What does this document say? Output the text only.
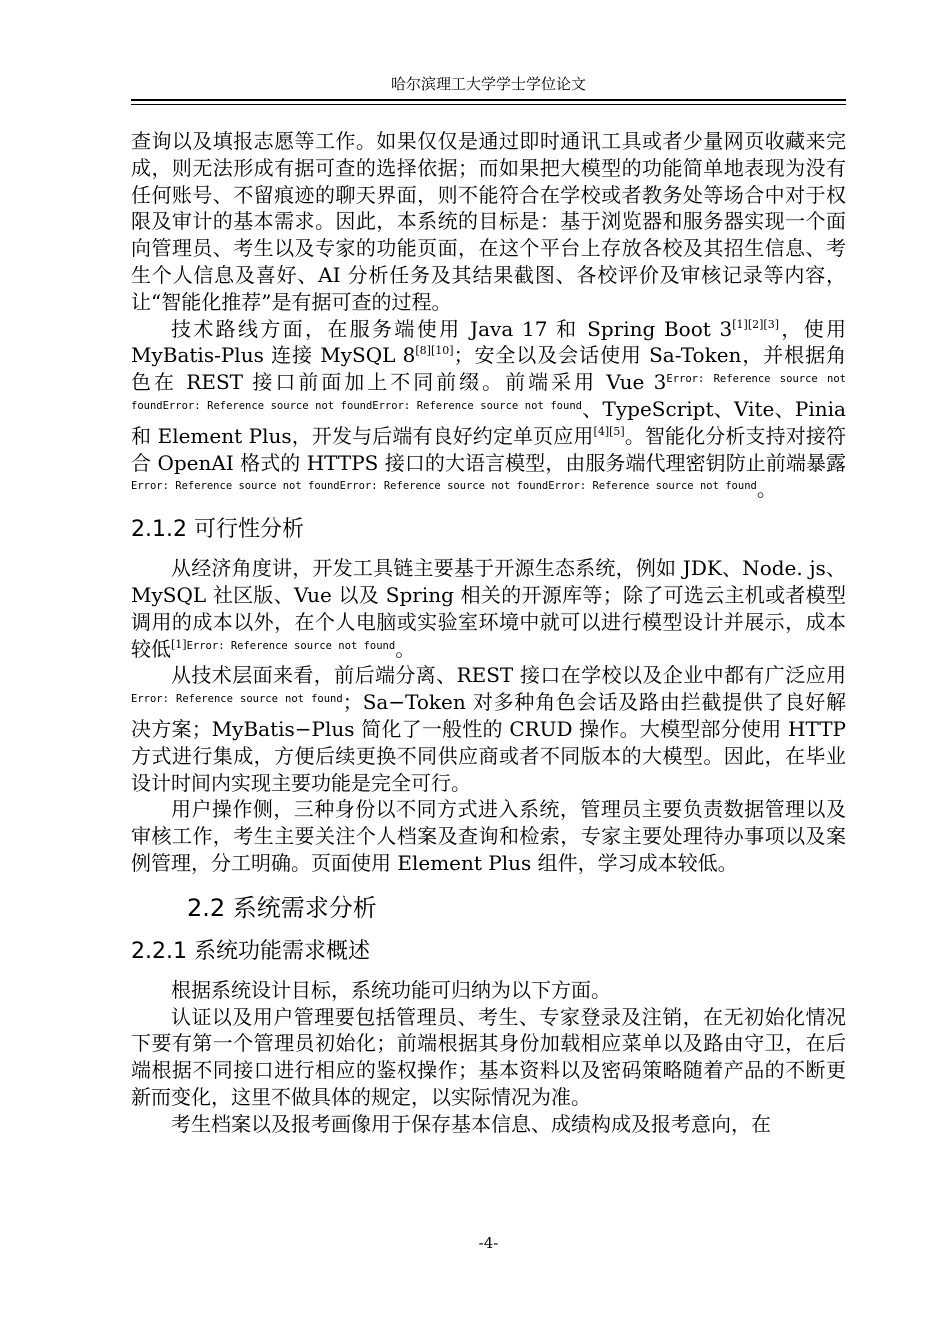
哈尔滨理工大学学士学位论文

查询以及填报志愿等工作。如果仅仅是通过即时通讯工具或者少量网页收藏来完成，则无法形成有据可查的选择依据；而如果把大模型的功能简单地表现为没有任何账号、不留痕迹的聊天界面，则不能符合在学校或者教务处等场合中对于权限及审计的基本需求。因此，本系统的目标是：基于浏览器和服务器实现一个面向管理员、考生以及专家的功能页面，在这个平台上存放各校及其招生信息、考生个人信息及喜好、AI 分析任务及其结果截图、各校评价及审核记录等内容，让“智能化推荐”是有据可查的过程。

技术路线方面，在服务端使用 Java 17 和 Spring Boot 3[1][2][3]，使用 MyBatis-Plus 连接 MySQL 8[8][10]；安全以及会话使用 Sa-Token，并根据角色在 REST 接口前面加上不同前缀。前端采用 Vue $3^{Error: Reference source not foundError: Reference source not foundError: Reference source not found}$、TypeScript、Vite、Pinia 和 Element Plus，开发与后端有良好约定单页应用[4][5]。智能化分析支持对接符合 OpenAI 格式的 HTTPS 接口的大语言模型，由服务端代理密钥防止前端暴露$^{Error: Reference source not foundError: Reference source not foundError: Reference source not found}$。

2.1.2 可行性分析

从经济角度讲，开发工具链主要基于开源生态系统，例如 JDK、Node. js、MySQL 社区版、Vue 以及 Spring 相关的开源库等；除了可选云主机或者模型调用的成本以外，在个人电脑或实验室环境中就可以进行模型设计并展示，成本较低$^{[1]Error: Reference source not found}$。

从技术层面来看，前后端分离、REST 接口在学校以及企业中都有广泛应用$^{Error: Reference source not found}$；Sa−Token 对多种角色会话及路由拦截提供了良好解决方案；MyBatis−Plus 简化了一般性的 CRUD 操作。大模型部分使用 HTTP 方式进行集成，方便后续更换不同供应商或者不同版本的大模型。因此，在毕业设计时间内实现主要功能是完全可行。

用户操作侧，三种身份以不同方式进入系统，管理员主要负责数据管理以及审核工作，考生主要关注个人档案及查询和检索，专家主要处理待办事项以及案例管理，分工明确。页面使用 Element Plus 组件，学习成本较低。

2.2 系统需求分析
2.2.1 系统功能需求概述

根据系统设计目标，系统功能可归纳为以下方面。

认证以及用户管理要包括管理员、考生、专家登录及注销，在无初始化情况下要有第一个管理员初始化；前端根据其身份加载相应菜单以及路由守卫，在后端根据不同接口进行相应的鉴权操作；基本资料以及密码策略随着产品的不断更新而变化，这里不做具体的规定，以实际情况为准。

考生档案以及报考画像用于保存基本信息、成绩构成及报考意向，在

-4-
